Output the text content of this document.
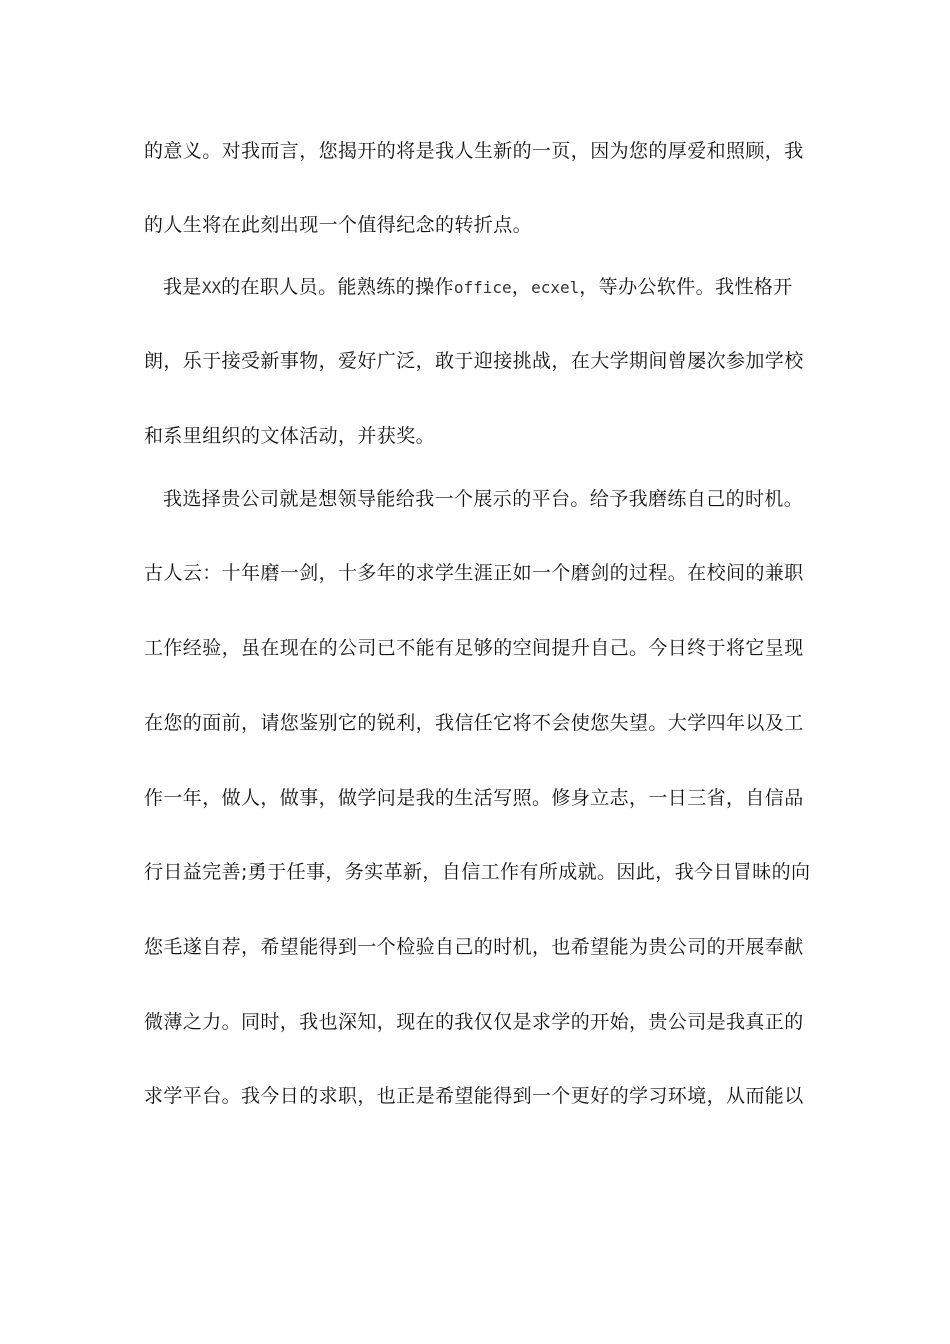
的意义。对我而言，您揭开的将是我人生新的一页，因为您的厚爱和照顾，我
的人生将在此刻出现一个值得纪念的转折点。
我是XX的在职人员。能熟练的操作office，ecxel，等办公软件。我性格开
朗，乐于接受新事物，爱好广泛，敢于迎接挑战，在大学期间曾屡次参加学校
和系里组织的文体活动，并获奖。
我选择贵公司就是想领导能给我一个展示的平台。给予我磨练自己的时机。
古人云：十年磨一剑，十多年的求学生涯正如一个磨剑的过程。在校间的兼职
工作经验，虽在现在的公司已不能有足够的空间提升自己。今日终于将它呈现
在您的面前，请您鉴别它的锐利，我信任它将不会使您失望。大学四年以及工
作一年，做人，做事，做学问是我的生活写照。修身立志，一日三省，自信品
行日益完善;勇于任事，务实革新，自信工作有所成就。因此，我今日冒昧的向
您毛遂自荐，希望能得到一个检验自己的时机，也希望能为贵公司的开展奉献
微薄之力。同时，我也深知，现在的我仅仅是求学的开始，贵公司是我真正的
求学平台。我今日的求职，也正是希望能得到一个更好的学习环境，从而能以
